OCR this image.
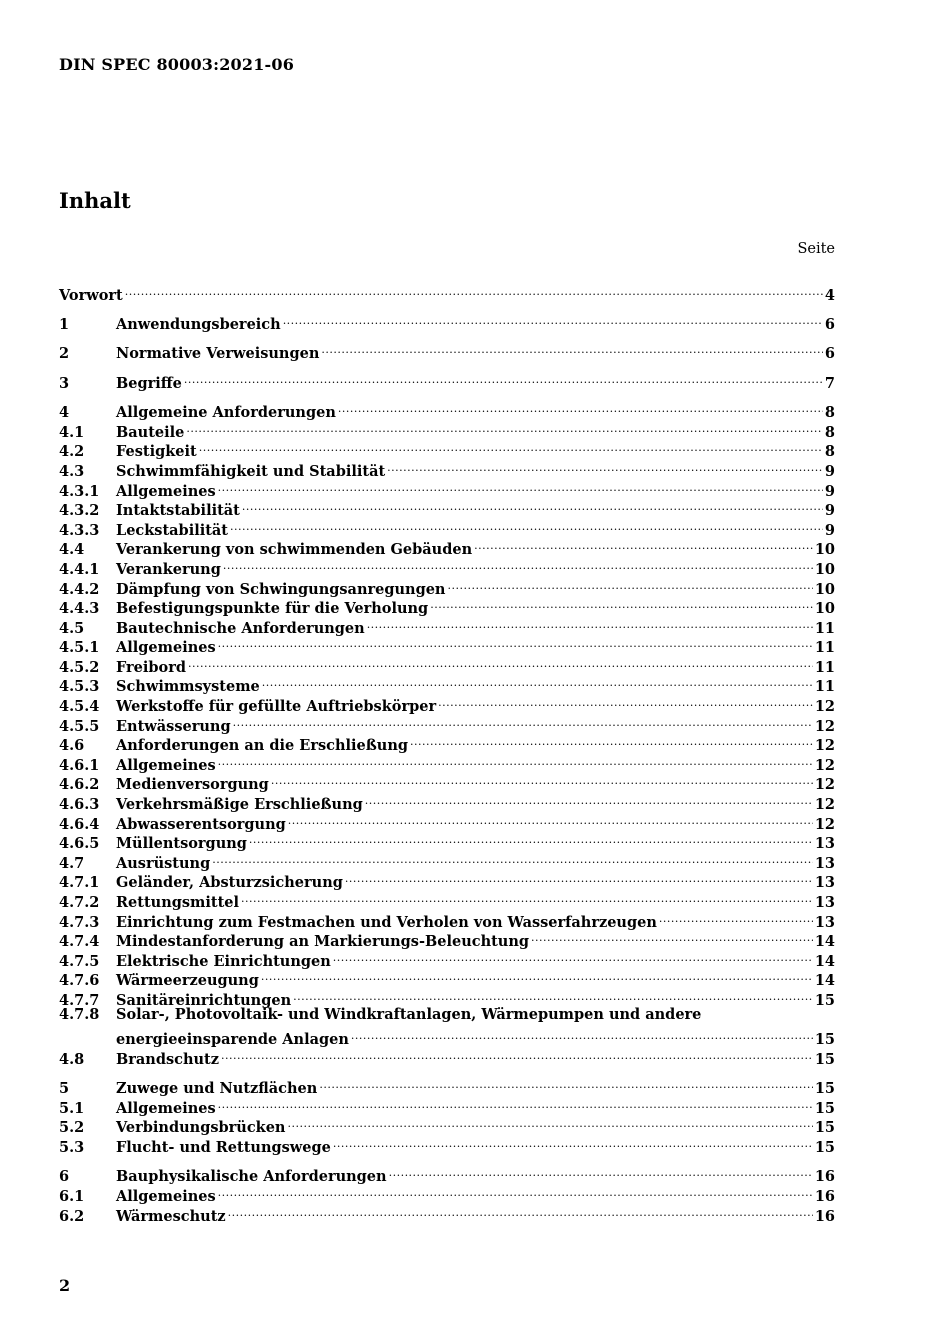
DIN SPEC 80003:2021-06
Inhalt
Seite
Vorwort .....	4
1	Anwendungsbereich .....	6
2	Normative Verweisungen .....	6
3	Begriffe .....	7
4	Allgemeine Anforderungen .....	8
4.1	Bauteile .....	8
4.2	Festigkeit .....	8
4.3	Schwimmfähigkeit und Stabilität .....	9
4.3.1	Allgemeines .....	9
4.3.2	Intaktstabilität .....	9
4.3.3	Leckstabilität .....	9
4.4	Verankerung von schwimmenden Gebäuden .....	10
4.4.1	Verankerung .....	10
4.4.2	Dämpfung von Schwingungsanregungen .....	10
4.4.3	Befestigungspunkte für die Verholung .....	10
4.5	Bautechnische Anforderungen .....	11
4.5.1	Allgemeines .....	11
4.5.2	Freibord .....	11
4.5.3	Schwimmsysteme .....	11
4.5.4	Werkstoffe für gefüllte Auftriebskörper .....	12
4.5.5	Entwässerung .....	12
4.6	Anforderungen an die Erschließung .....	12
4.6.1	Allgemeines .....	12
4.6.2	Medienversorgung .....	12
4.6.3	Verkehrsmäßige Erschließung .....	12
4.6.4	Abwasserentsorgung .....	12
4.6.5	Müllentsorgung .....	13
4.7	Ausrüstung .....	13
4.7.1	Geländer, Absturzsicherung .....	13
4.7.2	Rettungsmittel .....	13
4.7.3	Einrichtung zum Festmachen und Verholen von Wasserfahrzeugen .....	13
4.7.4	Mindestanforderung an Markierungs-Beleuchtung .....	14
4.7.5	Elektrische Einrichtungen .....	14
4.7.6	Wärmeerzeugung .....	14
4.7.7	Sanitäreinrichtungen .....	15
4.7.8	Solar-, Photovoltaik- und Windkraftanlagen, Wärmepumpen und andere
energieeinsparende Anlagen .....	15
4.8	Brandschutz .....	15
5	Zuwege und Nutzflächen .....	15
5.1	Allgemeines .....	15
5.2	Verbindungsbrücken .....	15
5.3	Flucht- und Rettungswege .....	15
6	Bauphysikalische Anforderungen .....	16
6.1	Allgemeines .....	16
6.2	Wärmeschutz .....	16
2
